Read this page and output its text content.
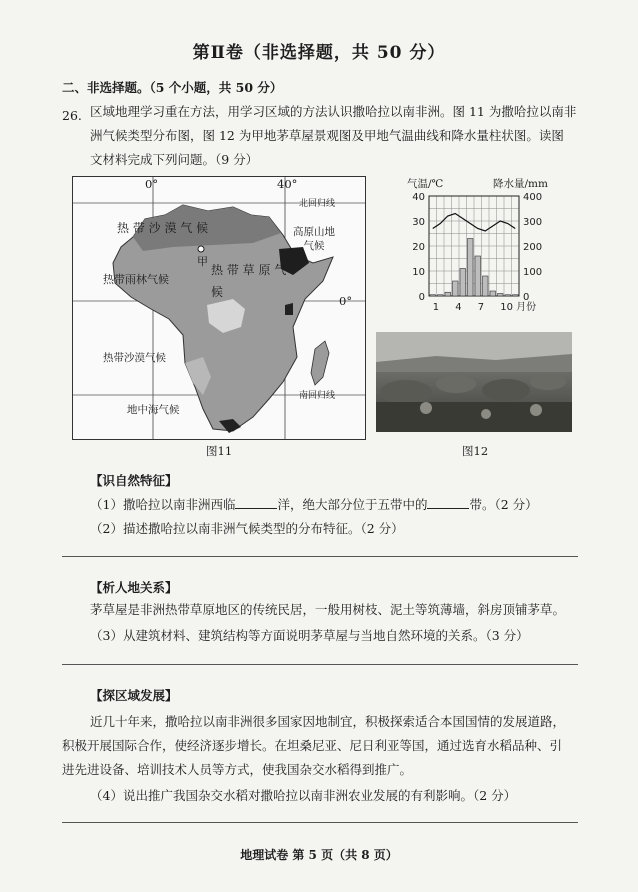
第Ⅱ卷（非选择题，共 50 分）
二、非选择题。（5 个小题，共 50 分）
26. 区域地理学习重在方法，用学习区域的方法认识撒哈拉以南非洲。图 11 为撒哈拉以南非
洲气候类型分布图，图 12 为甲地茅草屋景观图及甲地气温曲线和降水量柱状图。读图
文材料完成下列问题。（9 分）
0°	40°
0°
北回归线
南回归线
热 带 沙 漠 气 候	高原山地
气候
甲
热 带 草 原 气 候
热带雨林气候
热带沙漠气候
地中海气候
图11
气温/℃	降水量/mm
40
30
20
10
0
400
300
200
100
0
1 4 7 10 月份
图12
【识自然特征】
（1）撒哈拉以南非洲西临	洋，绝大部分位于五带中的	带。（2 分）
（2）描述撒哈拉以南非洲气候类型的分布特征。（2 分）
【析人地关系】
茅草屋是非洲热带草原地区的传统民居，一般用树枝、泥土等筑薄墙，斜房顶铺茅草。
（3）从建筑材料、建筑结构等方面说明茅草屋与当地自然环境的关系。（3 分）
【探区域发展】
近几十年来，撒哈拉以南非洲很多国家因地制宜，积极探索适合本国国情的发展道路，
积极开展国际合作，使经济逐步增长。在坦桑尼亚、尼日利亚等国，通过选育水稻品种、引
进先进设备、培训技术人员等方式，使我国杂交水稻得到推广。
（4）说出推广我国杂交水稻对撒哈拉以南非洲农业发展的有利影响。（2 分）
地理试卷 第 5 页（共 8 页）
